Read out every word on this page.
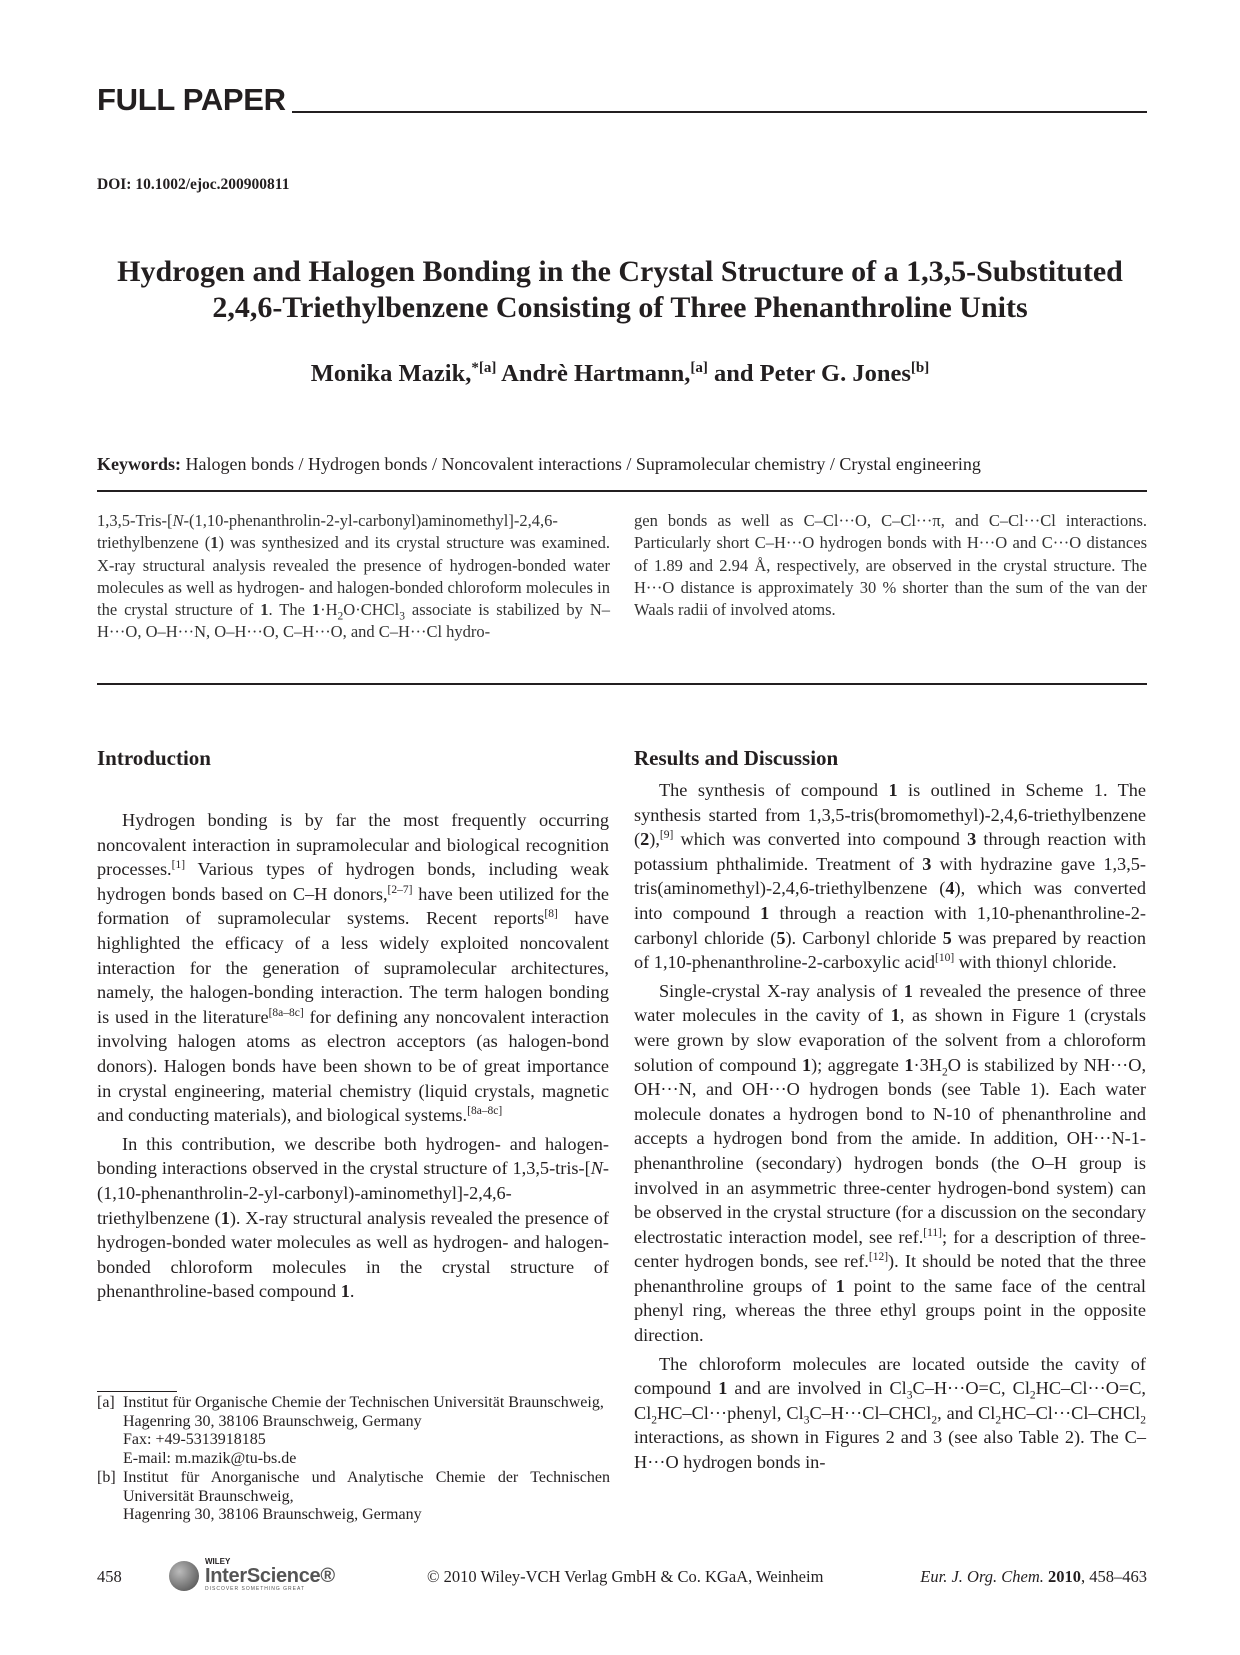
FULL PAPER
DOI: 10.1002/ejoc.200900811
Hydrogen and Halogen Bonding in the Crystal Structure of a 1,3,5-Substituted
2,4,6-Triethylbenzene Consisting of Three Phenanthroline Units
Monika Mazik,$^{*[a]}$ Andrè Hartmann,[a] and Peter G. Jones[b]
Keywords: Halogen bonds / Hydrogen bonds / Noncovalent interactions / Supramolecular chemistry / Crystal engineering
1,3,5-Tris-[N-(1,10-phenanthrolin-2-yl-carbonyl)aminomethyl]-2,4,6-triethylbenzene (1) was synthesized and its crystal structure was examined. X-ray structural analysis revealed the presence of hydrogen-bonded water molecules as well as hydrogen- and halogen-bonded chloroform molecules in the crystal structure of 1. The $1\cdot H_2O\cdot CHCl_3$ associate is stabilized by N–H···O, O–H···N, O–H···O, C–H···O, and C–H···Cl hydro-
gen bonds as well as C–Cl···O, C–Cl···π, and C–Cl···Cl interactions. Particularly short C–H···O hydrogen bonds with H···O and C···O distances of 1.89 and 2.94 Å, respectively, are observed in the crystal structure. The H···O distance is approximately 30 % shorter than the sum of the van der Waals radii of involved atoms.
Introduction	Results and Discussion

Hydrogen bonding is by far the most frequently occurring noncovalent interaction in supramolecular and biological recognition processes.[1] Various types of hydrogen bonds, including weak hydrogen bonds based on C–H donors,[2–7] have been utilized for the formation of supramolecular systems. Recent reports[8] have highlighted the efficacy of a less widely exploited noncovalent interaction for the generation of supramolecular architectures, namely, the halogen-bonding interaction. The term halogen bonding is used in the literature[8a–8c] for defining any noncovalent interaction involving halogen atoms as electron acceptors (as halogen-bond donors). Halogen bonds have been shown to be of great importance in crystal engineering, material chemistry (liquid crystals, magnetic and conducting materials), and biological systems.[8a–8c]

In this contribution, we describe both hydrogen- and halogen-bonding interactions observed in the crystal structure of 1,3,5-tris-[N-(1,10-phenanthrolin-2-yl-carbonyl)-aminomethyl]-2,4,6-triethylbenzene (1). X-ray structural analysis revealed the presence of hydrogen-bonded water molecules as well as hydrogen- and halogen-bonded chloroform molecules in the crystal structure of phenanthroline-based compound 1.

The synthesis of compound 1 is outlined in Scheme 1. The synthesis started from 1,3,5-tris(bromomethyl)-2,4,6-triethylbenzene (2),[9] which was converted into compound 3 through reaction with potassium phthalimide. Treatment of 3 with hydrazine gave 1,3,5-tris(aminomethyl)-2,4,6-triethylbenzene (4), which was converted into compound 1 through a reaction with 1,10-phenanthroline-2-carbonyl chloride (5). Carbonyl chloride 5 was prepared by reaction of 1,10-phenanthroline-2-carboxylic acid[10] with thionyl chloride.

Single-crystal X-ray analysis of 1 revealed the presence of three water molecules in the cavity of 1, as shown in Figure 1 (crystals were grown by slow evaporation of the solvent from a chloroform solution of compound 1); aggregate $1\cdot 3H_2O$ is stabilized by NH···O, OH···N, and OH···O hydrogen bonds (see Table 1). Each water molecule donates a hydrogen bond to N-10 of phenanthroline and accepts a hydrogen bond from the amide. In addition, OH···N-1-phenanthroline (secondary) hydrogen bonds (the O–H group is involved in an asymmetric three-center hydrogen-bond system) can be observed in the crystal structure (for a discussion on the secondary electrostatic interaction model, see ref.[11]; for a description of three-center hydrogen bonds, see ref.[12]). It should be noted that the three phenanthroline groups of 1 point to the same face of the central phenyl ring, whereas the three ethyl groups point in the opposite direction.

The chloroform molecules are located outside the cavity of compound 1 and are involved in $Cl_3C-H\cdot\cdot\cdot O=C$, $Cl_2HC-Cl\cdot\cdot\cdot O=C$, $Cl_2HC-Cl\cdot\cdot\cdot phenyl$, $Cl_3C-H\cdot\cdot\cdot Cl-CHCl_2$, and $Cl_2HC-Cl\cdot\cdot\cdot Cl-CHCl_2$ interactions, as shown in Figures 2 and 3 (see also Table 2). The C–H···O hydrogen bonds in-

[a] Institut für Organische Chemie der Technischen Universität Braunschweig,
Hagenring 30, 38106 Braunschweig, Germany
Fax: +49-5313918185
E-mail: m.mazik@tu-bs.de
[b] Institut für Anorganische und Analytische Chemie der Technischen Universität Braunschweig,
Hagenring 30, 38106 Braunschweig, Germany
458
WILEY
InterScience®
DISCOVER SOMETHING GREAT
© 2010 Wiley-VCH Verlag GmbH & Co. KGaA, Weinheim	Eur. J. Org. Chem. 2010, 458–463
